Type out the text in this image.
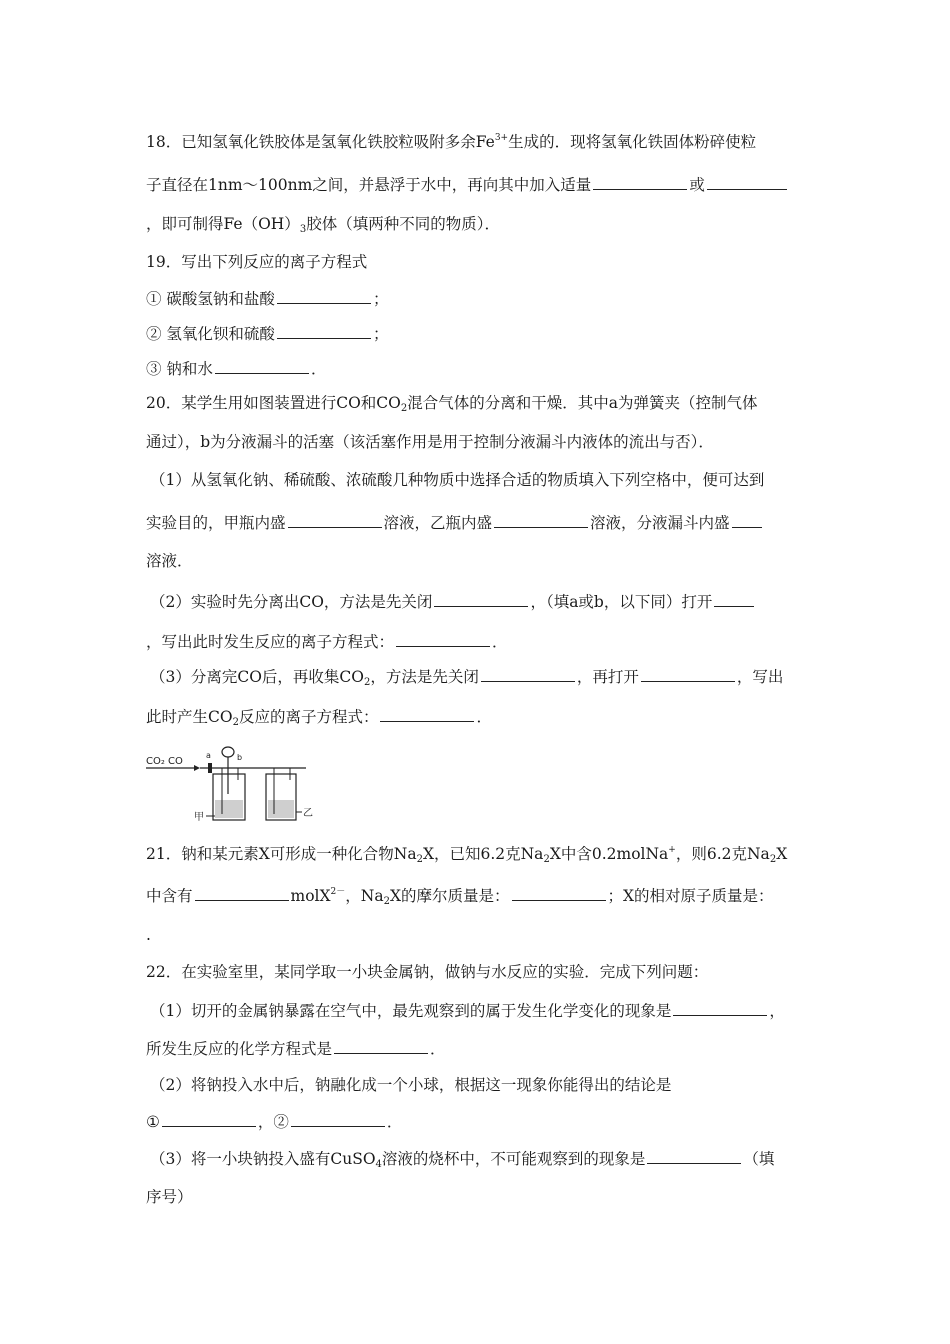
18．已知氢氧化铁胶体是氢氧化铁胶粒吸附多余$Fe^{3+}$生成的．现将氢氧化铁固体粉碎使粒
子直径在1nm～100nm之间，并悬浮于水中，再向其中加入适量	或
，即可制得$Fe(OH)_3$胶体（填两种不同的物质）．
19．写出下列反应的离子方程式
① 碳酸氢钠和盐酸	；
② 氢氧化钡和硫酸	；
③ 钠和水	．
20．某学生用如图装置进行CO和$CO_2$混合气体的分离和干燥．其中a为弹簧夹（控制气体
通过），b为分液漏斗的活塞（该活塞作用是用于控制分液漏斗内液体的流出与否）．
（1）从氢氧化钠、稀硫酸、浓硫酸几种物质中选择合适的物质填入下列空格中，便可达到
实验目的，甲瓶内盛	溶液，乙瓶内盛	溶液，分液漏斗内盛
溶液．
（2）实验时先分离出CO，方法是先关闭	，（填a或b，以下同）打开
，写出此时发生反应的离子方程式：	．
（3）分离完CO后，再收集$CO_2$，方法是先关闭	，再打开	，写出
此时产生$CO_2$反应的离子方程式：	．
CO₂ CO
a	b
甲	乙
21．钠和某元素X可形成一种化合物$Na_2X$，已知6.2克$Na_2X$中含0.2molNa+，则6.2克$Na_2X$
中含有	molX$^{2-}$，$Na_2X$的摩尔质量是：	；X的相对原子质量是：
.
22．在实验室里，某同学取一小块金属钠，做钠与水反应的实验．完成下列问题：
（1）切开的金属钠暴露在空气中，最先观察到的属于发生化学变化的现象是	，
所发生反应的化学方程式是	．
（2）将钠投入水中后，钠融化成一个小球，根据这一现象你能得出的结论是
①	，②	．
（3）将一小块钠投入盛有CuSO$_4$溶液的烧杯中，不可能观察到的现象是	（填
序号）
